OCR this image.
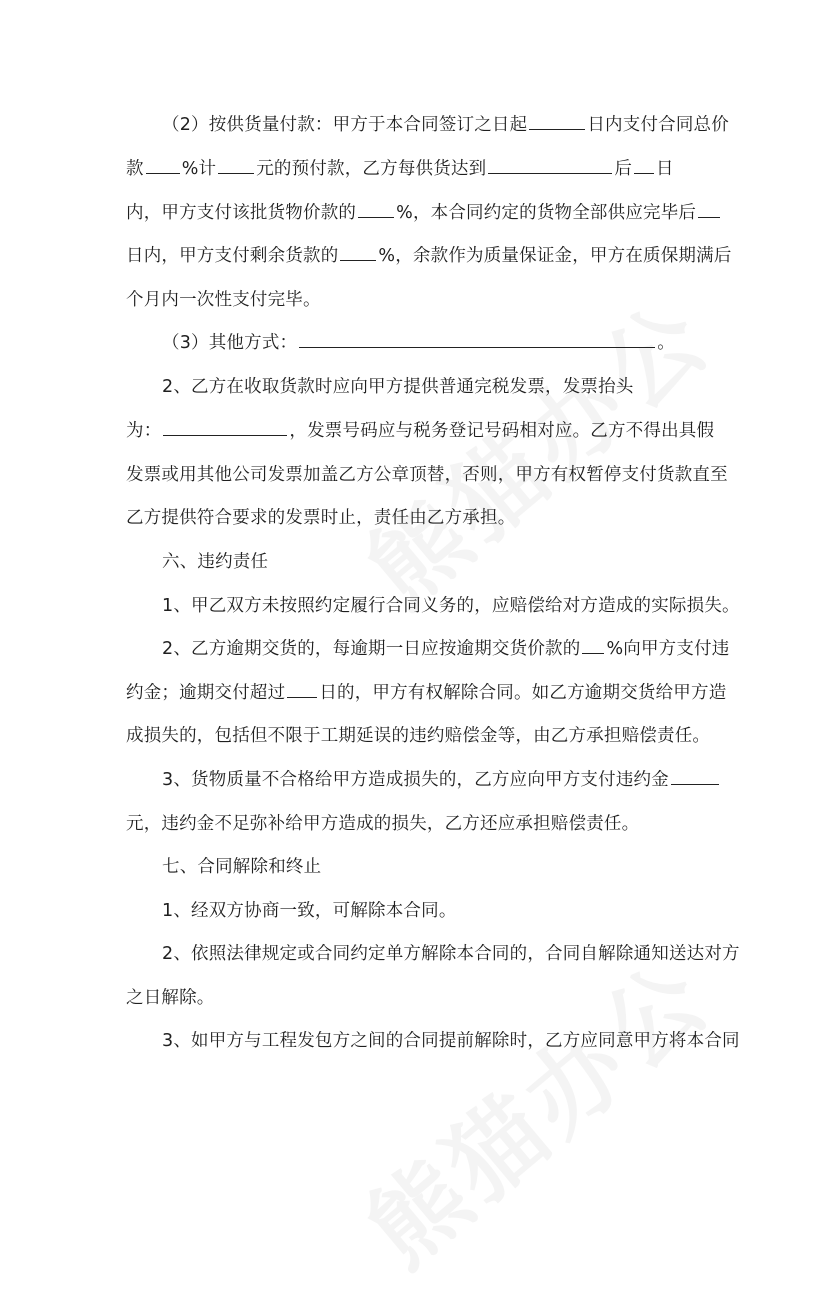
（2）按供货量付款：甲方于本合同签订之日起	日内支付合同总价
款 %计 元的预付款，乙方每供货达到	后 日
内，甲方支付该批货物价款的 %，本合同约定的货物全部供应完毕后
日内，甲方支付剩余货款的 %，余款作为质量保证金，甲方在质保期满后
个月内一次性支付完毕。
（3）其他方式：	。
2、乙方在收取货款时应向甲方提供普通完税发票，发票抬头
为：	，发票号码应与税务登记号码相对应。乙方不得出具假
发票或用其他公司发票加盖乙方公章顶替，否则，甲方有权暂停支付货款直至
乙方提供符合要求的发票时止，责任由乙方承担。
六、违约责任
1、甲乙双方未按照约定履行合同义务的，应赔偿给对方造成的实际损失。
2、乙方逾期交货的，每逾期一日应按逾期交货价款的 %向甲方支付违
约金；逾期交付超过 日的，甲方有权解除合同。如乙方逾期交货给甲方造
成损失的，包括但不限于工期延误的违约赔偿金等，由乙方承担赔偿责任。
3、货物质量不合格给甲方造成损失的，乙方应向甲方支付违约金
元，违约金不足弥补给甲方造成的损失，乙方还应承担赔偿责任。
七、合同解除和终止
1、经双方协商一致，可解除本合同。
2、依照法律规定或合同约定单方解除本合同的，合同自解除通知送达对方
之日解除。
3、如甲方与工程发包方之间的合同提前解除时，乙方应同意甲方将本合同
